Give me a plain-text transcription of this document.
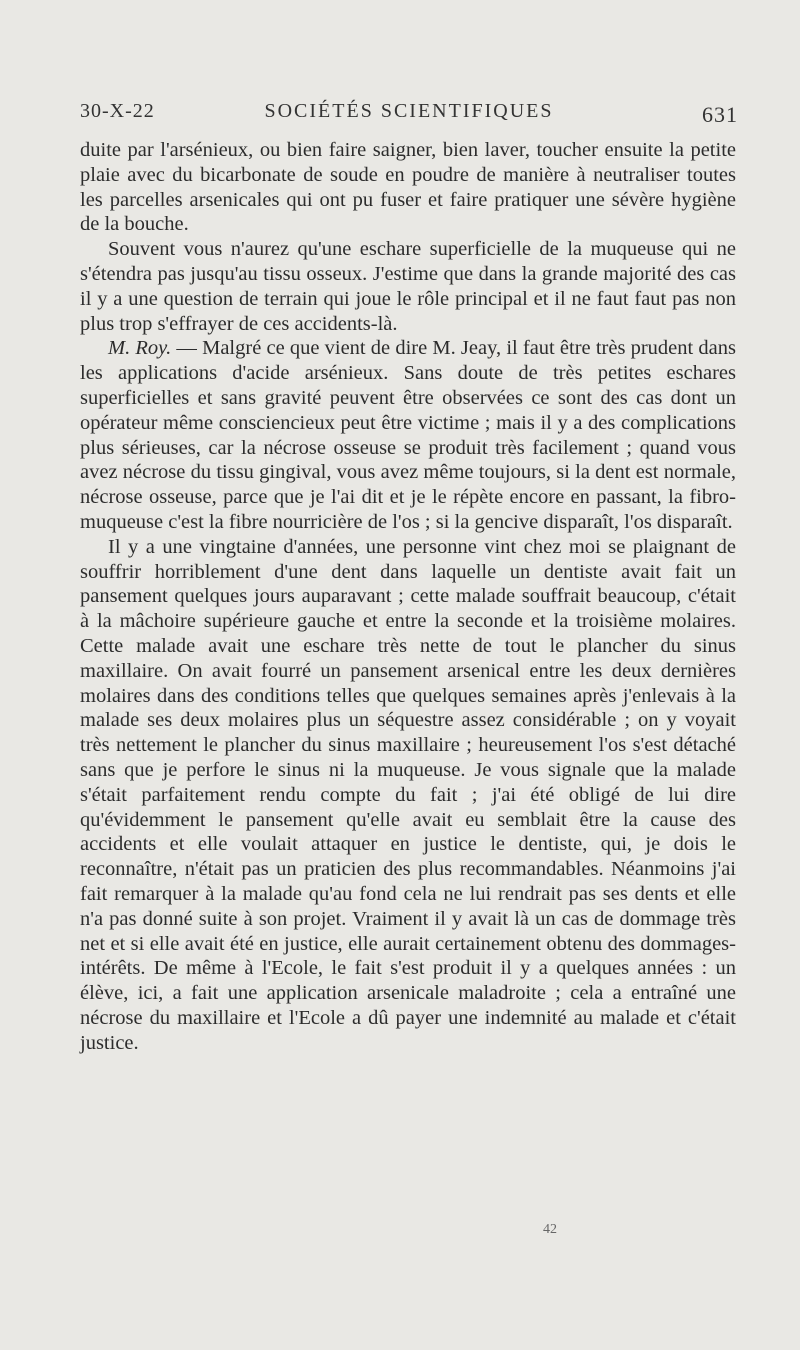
30-X-22	SOCIÉTÉS SCIENTIFIQUES	631

duite par l'arsénieux, ou bien faire saigner, bien laver, toucher ensuite la petite plaie avec du bicarbonate de soude en poudre de manière à neutraliser toutes les parcelles arsenicales qui ont pu fuser et faire pratiquer une sévère hygiène de la bouche.

Souvent vous n'aurez qu'une eschare superficielle de la muqueuse qui ne s'étendra pas jusqu'au tissu osseux. J'estime que dans la grande majorité des cas il y a une question de terrain qui joue le rôle principal et il ne faut faut pas non plus trop s'effrayer de ces accidents-là.

M. Roy. — Malgré ce que vient de dire M. Jeay, il faut être très prudent dans les applications d'acide arsénieux. Sans doute de très petites eschares superficielles et sans gravité peuvent être observées ce sont des cas dont un opérateur même consciencieux peut être victime ; mais il y a des complications plus sérieuses, car la nécrose osseuse se produit très facilement ; quand vous avez nécrose du tissu gingival, vous avez même toujours, si la dent est normale, nécrose osseuse, parce que je l'ai dit et je le répète encore en passant, la fibro-muqueuse c'est la fibre nourricière de l'os ; si la gencive disparaît, l'os disparaît.

Il y a une vingtaine d'années, une personne vint chez moi se plaignant de souffrir horriblement d'une dent dans laquelle un dentiste avait fait un pansement quelques jours auparavant ; cette malade souffrait beaucoup, c'était à la mâchoire supérieure gauche et entre la seconde et la troisième molaires. Cette malade avait une eschare très nette de tout le plancher du sinus maxillaire. On avait fourré un pansement arsenical entre les deux dernières molaires dans des conditions telles que quelques semaines après j'enlevais à la malade ses deux molaires plus un séquestre assez considérable ; on y voyait très nettement le plancher du sinus maxillaire ; heureusement l'os s'est détaché sans que je perfore le sinus ni la muqueuse. Je vous signale que la malade s'était parfaitement rendu compte du fait ; j'ai été obligé de lui dire qu'évidemment le pansement qu'elle avait eu semblait être la cause des accidents et elle voulait attaquer en justice le dentiste, qui, je dois le reconnaître, n'était pas un praticien des plus recommandables. Néanmoins j'ai fait remarquer à la malade qu'au fond cela ne lui rendrait pas ses dents et elle n'a pas donné suite à son projet. Vraiment il y avait là un cas de dommage très net et si elle avait été en justice, elle aurait certainement obtenu des dommages-intérêts. De même à l'Ecole, le fait s'est produit il y a quelques années : un élève, ici, a fait une application arsenicale maladroite ; cela a entraîné une nécrose du maxillaire et l'Ecole a dû payer une indemnité au malade et c'était justice.

42
